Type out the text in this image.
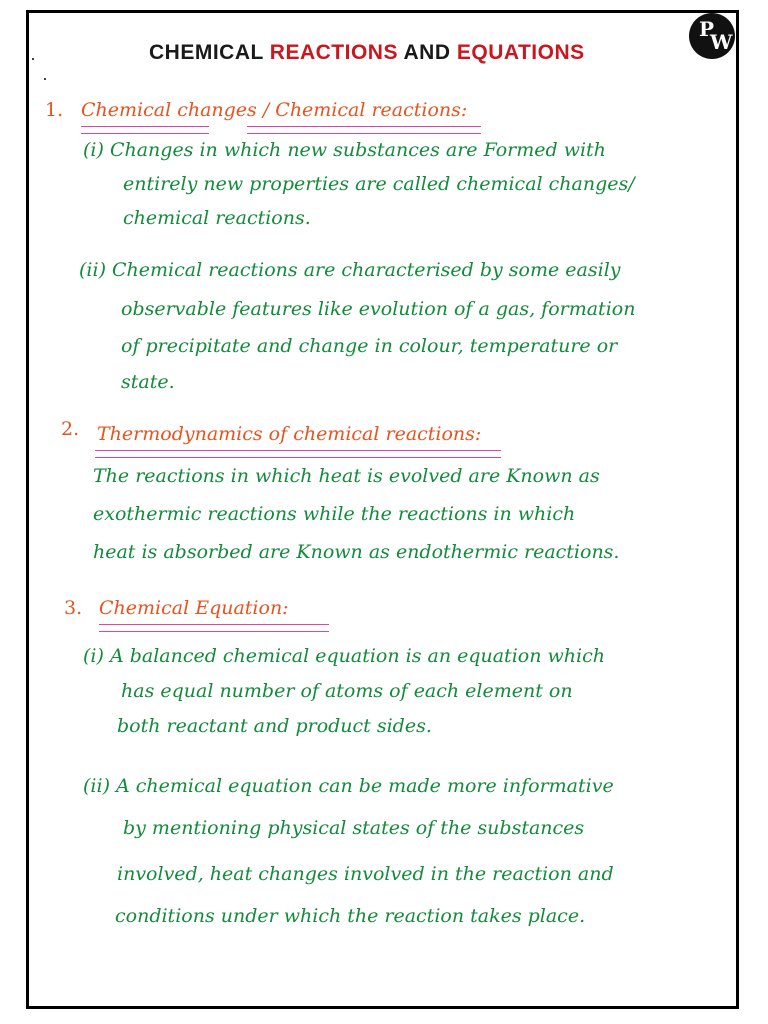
CHEMICAL REACTIONS AND EQUATIONS
P
W
1. Chemical changes / Chemical reactions:
(i) Changes in which new substances are Formed with
entirely new properties are called chemical changes/
chemical reactions.
(ii) Chemical reactions are characterised by some easily
observable features like evolution of a gas, formation
of precipitate and change in colour, temperature or
state.
2. Thermodynamics of chemical reactions:
The reactions in which heat is evolved are Known as
exothermic reactions while the reactions in which
heat is absorbed are Known as endothermic reactions.
3. Chemical Equation:
(i) A balanced chemical equation is an equation which
has equal number of atoms of each element on
both reactant and product sides.
(ii) A chemical equation can be made more informative
by mentioning physical states of the substances
involved, heat changes involved in the reaction and
conditions under which the reaction takes place.
